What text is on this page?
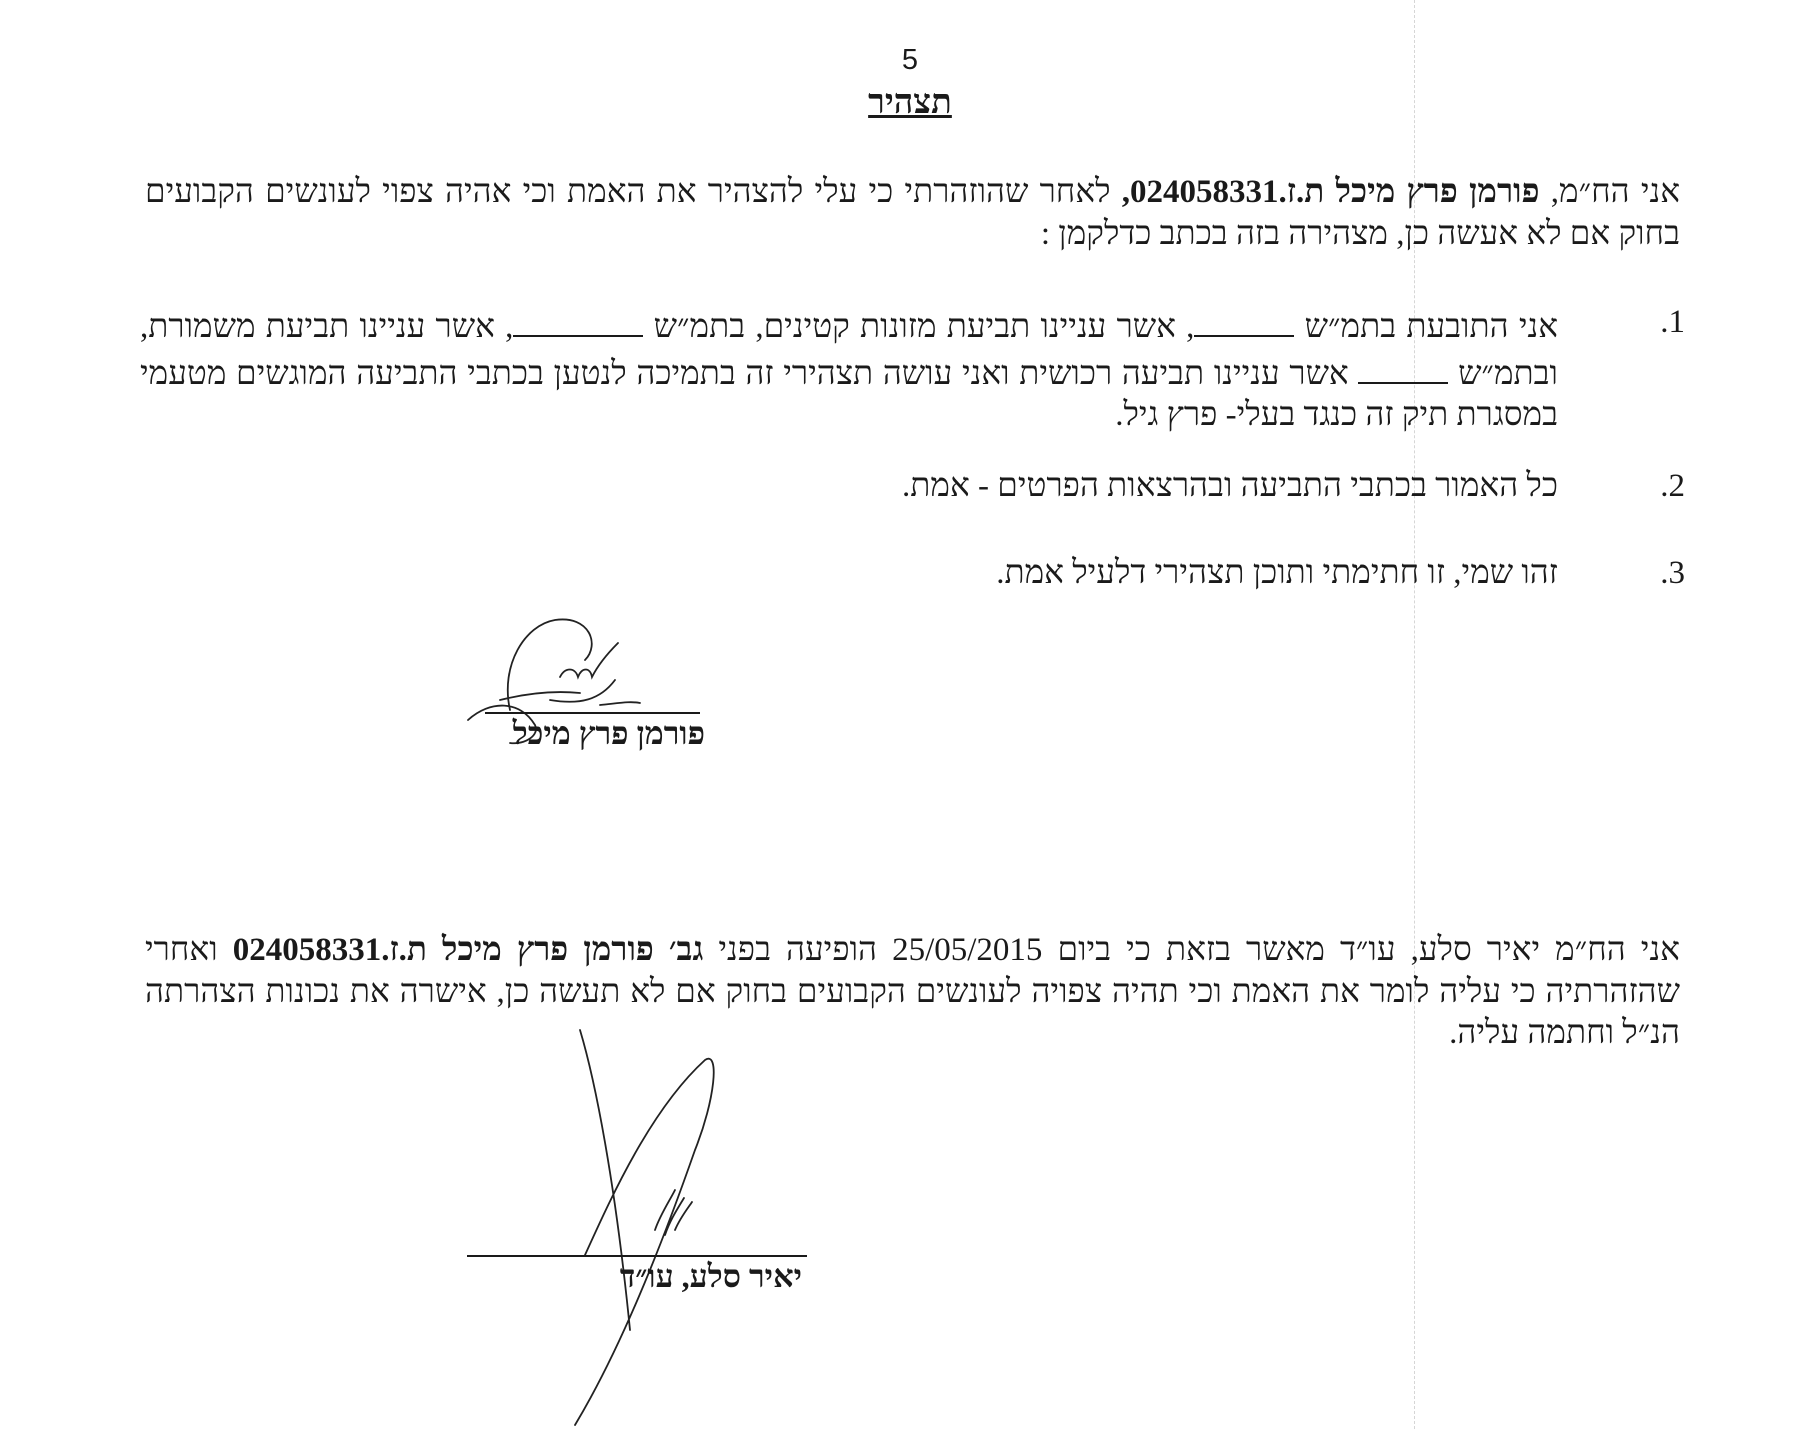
5
תצהיר
אני הח״מ, פורמן פרץ מיכל ת.ז.024058331, לאחר שהוזהרתי כי עלי להצהיר את האמת וכי אהיה צפוי לעונשים הקבועים בחוק אם לא אעשה כן, מצהירה בזה בכתב כדלקמן :
.1
אני התובעת בתמ״ש , אשר עניינו תביעת מזונות קטינים, בתמ״ש , אשר עניינו תביעת משמורת, ובתמ״ש  אשר עניינו תביעה רכושית ואני עושה תצהירי זה בתמיכה לנטען בכתבי התביעה המוגשים מטעמי במסגרת תיק זה כנגד בעלי- פרץ גיל.
.2
כל האמור בכתבי התביעה ובהרצאות הפרטים - אמת.
.3
זהו שמי, זו חתימתי ותוכן תצהירי דלעיל אמת.
פורמן פרץ מיכל
אני הח״מ יאיר סלע, עו״ד מאשר בזאת כי ביום 25/05/2015 הופיעה בפני גב׳ פורמן פרץ מיכל ת.ז.024058331 ואחרי שהזהרתיה כי עליה לומר את האמת וכי תהיה צפויה לעונשים הקבועים בחוק אם לא תעשה כן, אישרה את נכונות הצהרתה הנ״ל וחתמה עליה.
יאיר סלע, עו״ד
